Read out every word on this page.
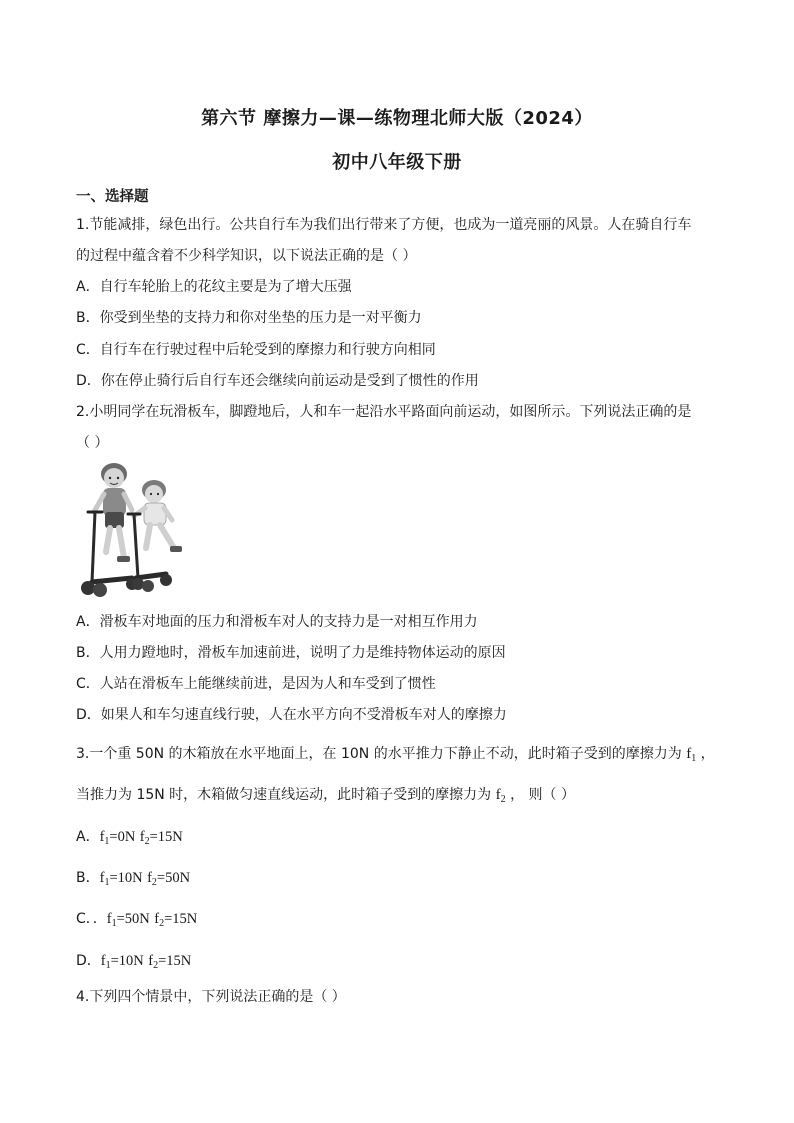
第六节 摩擦力—课—练物理北师大版（2024）
初中八年级下册
一、选择题
1.节能减排，绿色出行。公共自行车为我们出行带来了方便，也成为一道亮丽的风景。人在骑自行车
的过程中蕴含着不少科学知识，以下说法正确的是（ ）
A．自行车轮胎上的花纹主要是为了增大压强
B．你受到坐垫的支持力和你对坐垫的压力是一对平衡力
C．自行车在行驶过程中后轮受到的摩擦力和行驶方向相同
D．你在停止骑行后自行车还会继续向前运动是受到了惯性的作用
2.小明同学在玩滑板车，脚蹬地后，人和车一起沿水平路面向前运动，如图所示。下列说法正确的是
（ ）
A．滑板车对地面的压力和滑板车对人的支持力是一对相互作用力
B．人用力蹬地时，滑板车加速前进，说明了力是维持物体运动的原因
C．人站在滑板车上能继续前进，是因为人和车受到了惯性
D．如果人和车匀速直线行驶，人在水平方向不受滑板车对人的摩擦力
3.一个重 50N 的木箱放在水平地面上，在 10N 的水平推力下静止不动，此时箱子受到的摩擦力为 $f_1$ ，
当推力为 15N 时，木箱做匀速直线运动，此时箱子受到的摩擦力为 $f_2$ ， 则（ ）
A．$f_1=0N$ $f_2=15N$
B．$f_1=10N$ $f_2=50N$
C．．$f_1=50N$ $f_2=15N$
D．$f_1=10N$ $f_2=15N$
4.下列四个情景中，下列说法正确的是（ ）
